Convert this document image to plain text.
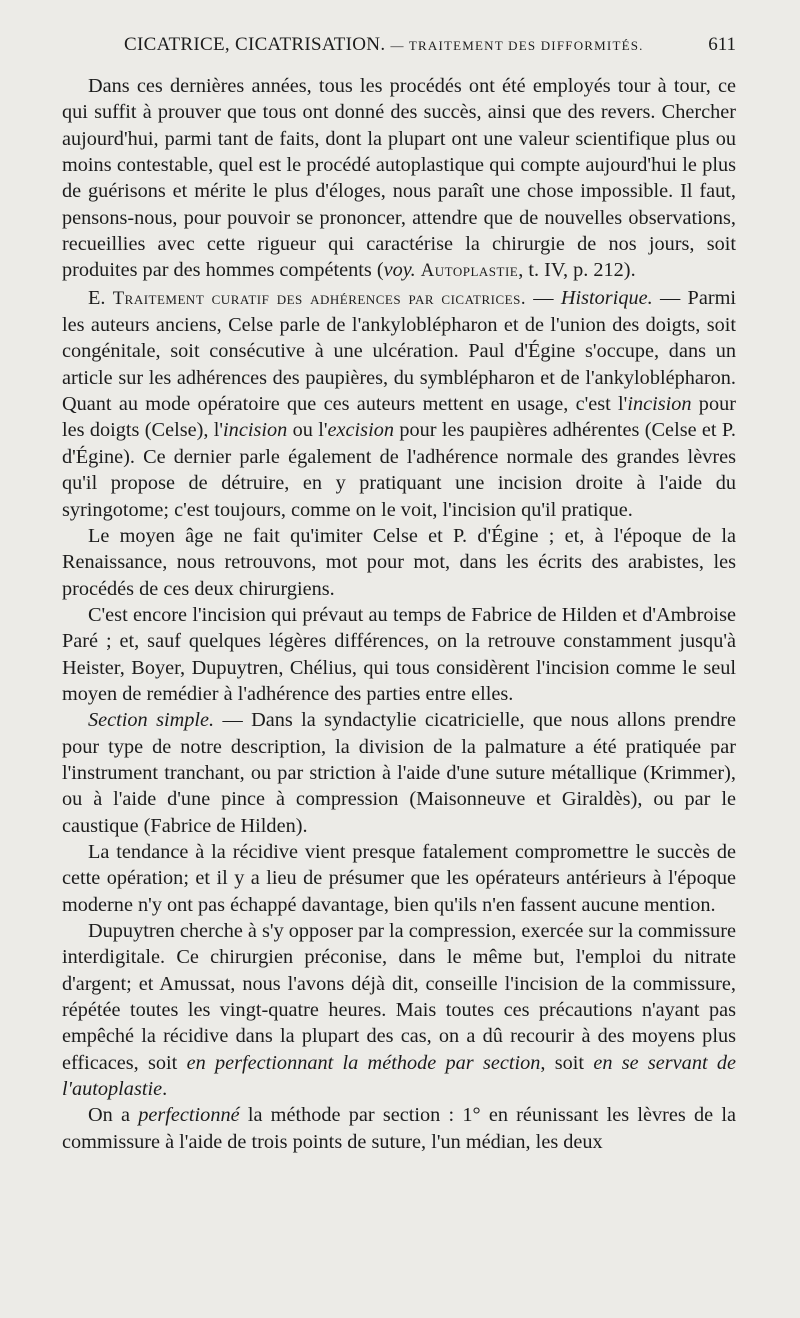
CICATRICE, CICATRISATION. — TRAITEMENT DES DIFFORMITÉS.	611

Dans ces dernières années, tous les procédés ont été employés tour à tour, ce qui suffit à prouver que tous ont donné des succès, ainsi que des revers. Chercher aujourd'hui, parmi tant de faits, dont la plupart ont une valeur scientifique plus ou moins contestable, quel est le procédé autoplastique qui compte aujourd'hui le plus de guérisons et mérite le plus d'éloges, nous paraît une chose impossible. Il faut, pensons-nous, pour pouvoir se prononcer, attendre que de nouvelles observations, recueillies avec cette rigueur qui caractérise la chirurgie de nos jours, soit produites par des hommes compétents (voy. Autoplastie, t. IV, p. 212).

E. Traitement curatif des adhérences par cicatrices. — Historique. — Parmi les auteurs anciens, Celse parle de l'ankyloblépharon et de l'union des doigts, soit congénitale, soit consécutive à une ulcération. Paul d'Égine s'occupe, dans un article sur les adhérences des paupières, du symblépharon et de l'ankyloblépharon. Quant au mode opératoire que ces auteurs mettent en usage, c'est l'incision pour les doigts (Celse), l'incision ou l'excision pour les paupières adhérentes (Celse et P. d'Égine). Ce dernier parle également de l'adhérence normale des grandes lèvres qu'il propose de détruire, en y pratiquant une incision droite à l'aide du syringotome; c'est toujours, comme on le voit, l'incision qu'il pratique.

Le moyen âge ne fait qu'imiter Celse et P. d'Égine ; et, à l'époque de la Renaissance, nous retrouvons, mot pour mot, dans les écrits des arabistes, les procédés de ces deux chirurgiens.

C'est encore l'incision qui prévaut au temps de Fabrice de Hilden et d'Ambroise Paré ; et, sauf quelques légères différences, on la retrouve constamment jusqu'à Heister, Boyer, Dupuytren, Chélius, qui tous considèrent l'incision comme le seul moyen de remédier à l'adhérence des parties entre elles.

Section simple. — Dans la syndactylie cicatricielle, que nous allons prendre pour type de notre description, la division de la palmature a été pratiquée par l'instrument tranchant, ou par striction à l'aide d'une suture métallique (Krimmer), ou à l'aide d'une pince à compression (Maisonneuve et Giraldès), ou par le caustique (Fabrice de Hilden).

La tendance à la récidive vient presque fatalement compromettre le succès de cette opération; et il y a lieu de présumer que les opérateurs antérieurs à l'époque moderne n'y ont pas échappé davantage, bien qu'ils n'en fassent aucune mention.

Dupuytren cherche à s'y opposer par la compression, exercée sur la commissure interdigitale. Ce chirurgien préconise, dans le même but, l'emploi du nitrate d'argent; et Amussat, nous l'avons déjà dit, conseille l'incision de la commissure, répétée toutes les vingt-quatre heures. Mais toutes ces précautions n'ayant pas empêché la récidive dans la plupart des cas, on a dû recourir à des moyens plus efficaces, soit en perfectionnant la méthode par section, soit en se servant de l'autoplastie.

On a perfectionné la méthode par section : 1° en réunissant les lèvres de la commissure à l'aide de trois points de suture, l'un médian, les deux
